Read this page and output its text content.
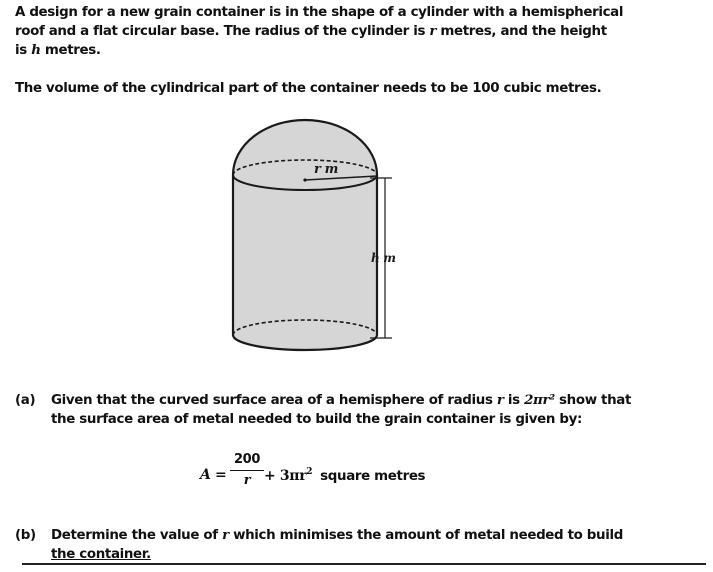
A design for a new grain container is in the shape of a cylinder with a hemispherical
roof and a flat circular base. The radius of the cylinder is r metres, and the height
is h metres.

The volume of the cylindrical part of the container needs to be 100 cubic metres.

r m
h m
(a) Given that the curved surface area of a hemisphere of radius r is 2πr² show that
the surface area of metal needed to build the grain container is given by:
A =
200
$r + 3\pi r^2$ square metres
(b) Determine the value of r which minimises the amount of metal needed to build
the container.
